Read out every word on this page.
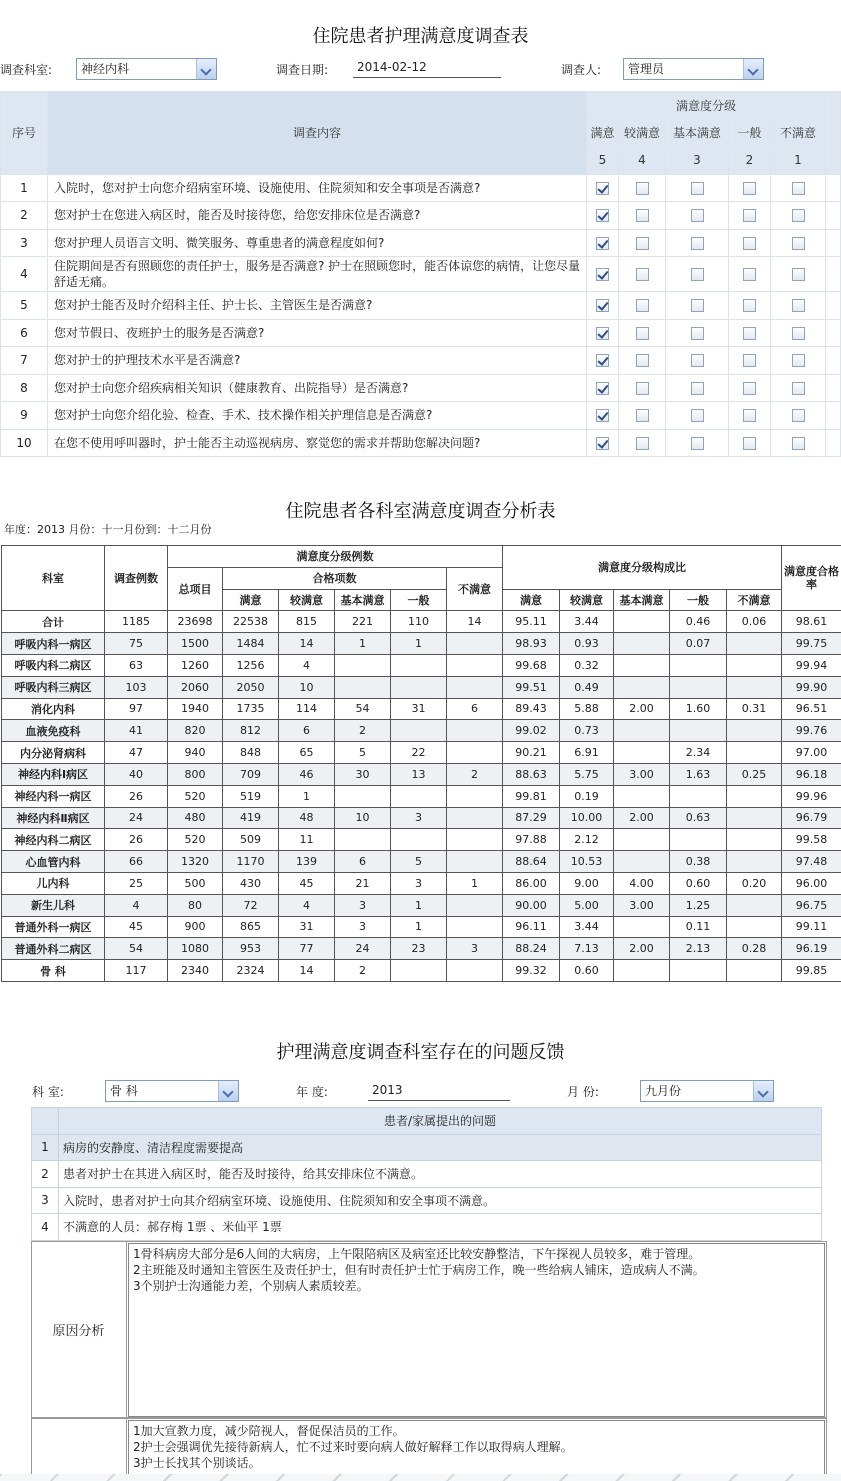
住院患者护理满意度调查表
调查科室:	神经内科	调查日期:	2014-02-12	调查人:	管理员
序号	调查内容	满意度分级					
		满意	较满意	基本满意	一般	不满意	
		5	4	3	2	1	
1	入院时，您对护士向您介绍病室环境、设施使用、住院须知和安全事项是否满意?						
2	您对护士在您进入病区时，能否及时接待您，给您安排床位是否满意?						
3	您对护理人员语言文明、微笑服务、尊重患者的满意程度如何?						
4	住院期间是否有照顾您的责任护士，服务是否满意? 护士在照顾您时，能否体谅您的病情，让您尽量舒适无痛。						
5	您对护士能否及时介绍科主任、护士长、主管医生是否满意?						
6	您对节假日、夜班护士的服务是否满意?						
7	您对护士的护理技术水平是否满意?						
8	您对护士向您介绍疾病相关知识（健康教育、出院指导）是否满意?						
9	您对护士向您介绍化验、检查、手术、技术操作相关护理信息是否满意?						
10	在您不使用呼叫器时，护士能否主动巡视病房、察觉您的需求并帮助您解决问题?						
住院患者各科室满意度调查分析表
年度：2013 月份：十一月份到：十二月份
科室	调查例数	满意度分级例数						满意度分级构成比					满意度合格率
		总项目	合格项数				不满意						
			满意	较满意	基本满意	一般		满意	较满意	基本满意	一般	不满意	
合计	1185	23698	22538	815	221	110	14	95.11	3.44		0.46	0.06	98.61
呼吸内科一病区	75	1500	1484	14	1	1		98.93	0.93		0.07		99.75
呼吸内科二病区	63	1260	1256	4				99.68	0.32				99.94
呼吸内科三病区	103	2060	2050	10				99.51	0.49				99.90
消化内科	97	1940	1735	114	54	31	6	89.43	5.88	2.00	1.60	0.31	96.51
血液免疫科	41	820	812	6	2			99.02	0.73				99.76
内分泌肾病科	47	940	848	65	5	22		90.21	6.91		2.34		97.00
神经内科Ⅰ病区	40	800	709	46	30	13	2	88.63	5.75	3.00	1.63	0.25	96.18
神经内科一病区	26	520	519	1				99.81	0.19				99.96
神经内科Ⅱ病区	24	480	419	48	10	3		87.29	10.00	2.00	0.63		96.79
神经内科二病区	26	520	509	11				97.88	2.12				99.58
心血管内科	66	1320	1170	139	6	5		88.64	10.53		0.38		97.48
儿内科	25	500	430	45	21	3	1	86.00	9.00	4.00	0.60	0.20	96.00
新生儿科	4	80	72	4	3	1		90.00	5.00	3.00	1.25		96.75
普通外科一病区	45	900	865	31	3	1		96.11	3.44		0.11		99.11
普通外科二病区	54	1080	953	77	24	23	3	88.24	7.13	2.00	2.13	0.28	96.19
骨 科	117	2340	2324	14	2			99.32	0.60				99.85
护理满意度调查科室存在的问题反馈
科 室:	骨 科	年 度:	2013	月 份:	九月份
	患者/家属提出的问题
1	病房的安静度、清洁程度需要提高
2	患者对护士在其进入病区时，能否及时接待，给其安排床位不满意。
3	入院时，患者对护士向其介绍病室环境、设施使用、住院须知和安全事项不满意。
4	不满意的人员：郝存梅 1票 、米仙平 1票
原因分析
1骨科病房大部分是6人间的大病房，上午限陪病区及病室还比较安静整洁，下午探视人员较多，难于管理。
2主班能及时通知主管医生及责任护士，但有时责任护士忙于病房工作，晚一些给病人铺床，造成病人不满。
3个别护士沟通能力差，个别病人素质较差。
1加大宣教力度，减少陪视人，督促保洁员的工作。
2护士会强调优先接待新病人，忙不过来时要向病人做好解释工作以取得病人理解。
3护士长找其个别谈话。
